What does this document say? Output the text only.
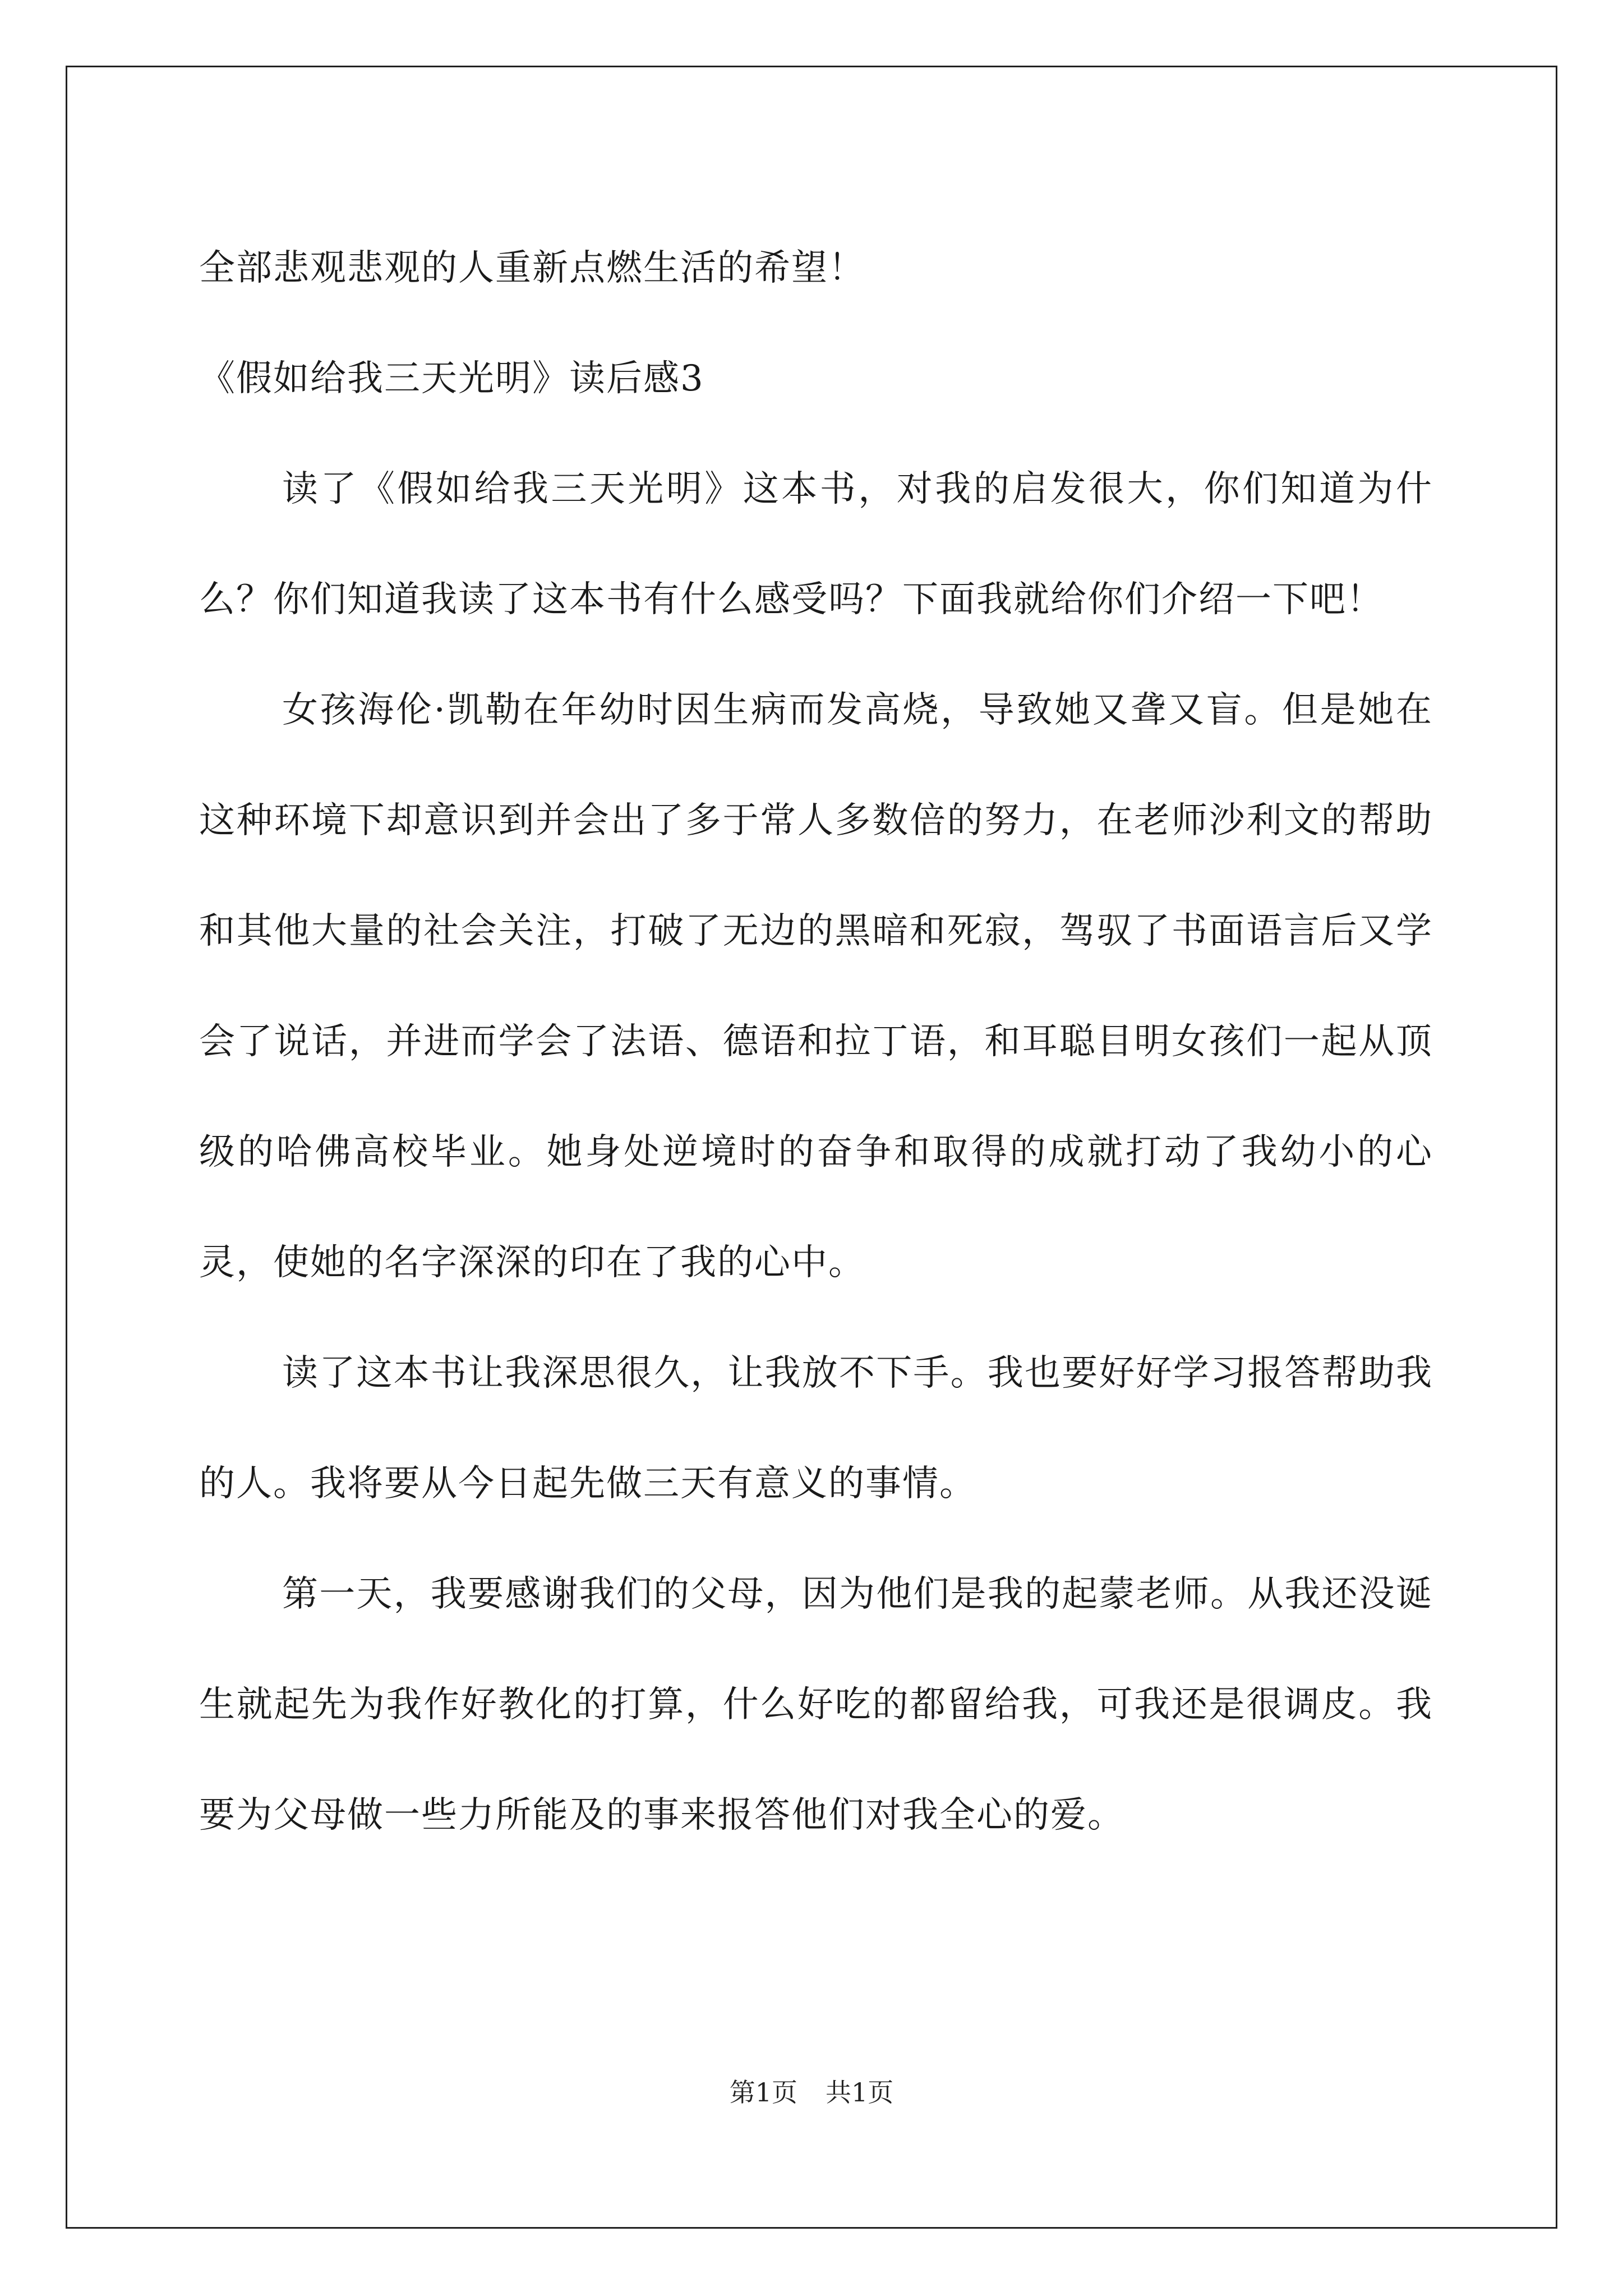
全部悲观悲观的人重新点燃生活的希望！

《假如给我三天光明》读后感3

读了《假如给我三天光明》这本书，对我的启发很大，你们知道为什么？你们知道我读了这本书有什么感受吗？下面我就给你们介绍一下吧！

女孩海伦·凯勒在年幼时因生病而发高烧，导致她又聋又盲。但是她在这种环境下却意识到并会出了多于常人多数倍的努力，在老师沙利文的帮助和其他大量的社会关注，打破了无边的黑暗和死寂，驾驭了书面语言后又学会了说话，并进而学会了法语、德语和拉丁语，和耳聪目明女孩们一起从顶级的哈佛高校毕业。她身处逆境时的奋争和取得的成就打动了我幼小的心灵，使她的名字深深的印在了我的心中。

读了这本书让我深思很久，让我放不下手。我也要好好学习报答帮助我的人。我将要从今日起先做三天有意义的事情。

第一天，我要感谢我们的父母，因为他们是我的起蒙老师。从我还没诞生就起先为我作好教化的打算，什么好吃的都留给我，可我还是很调皮。我要为父母做一些力所能及的事来报答他们对我全心的爱。

第1页 共1页
